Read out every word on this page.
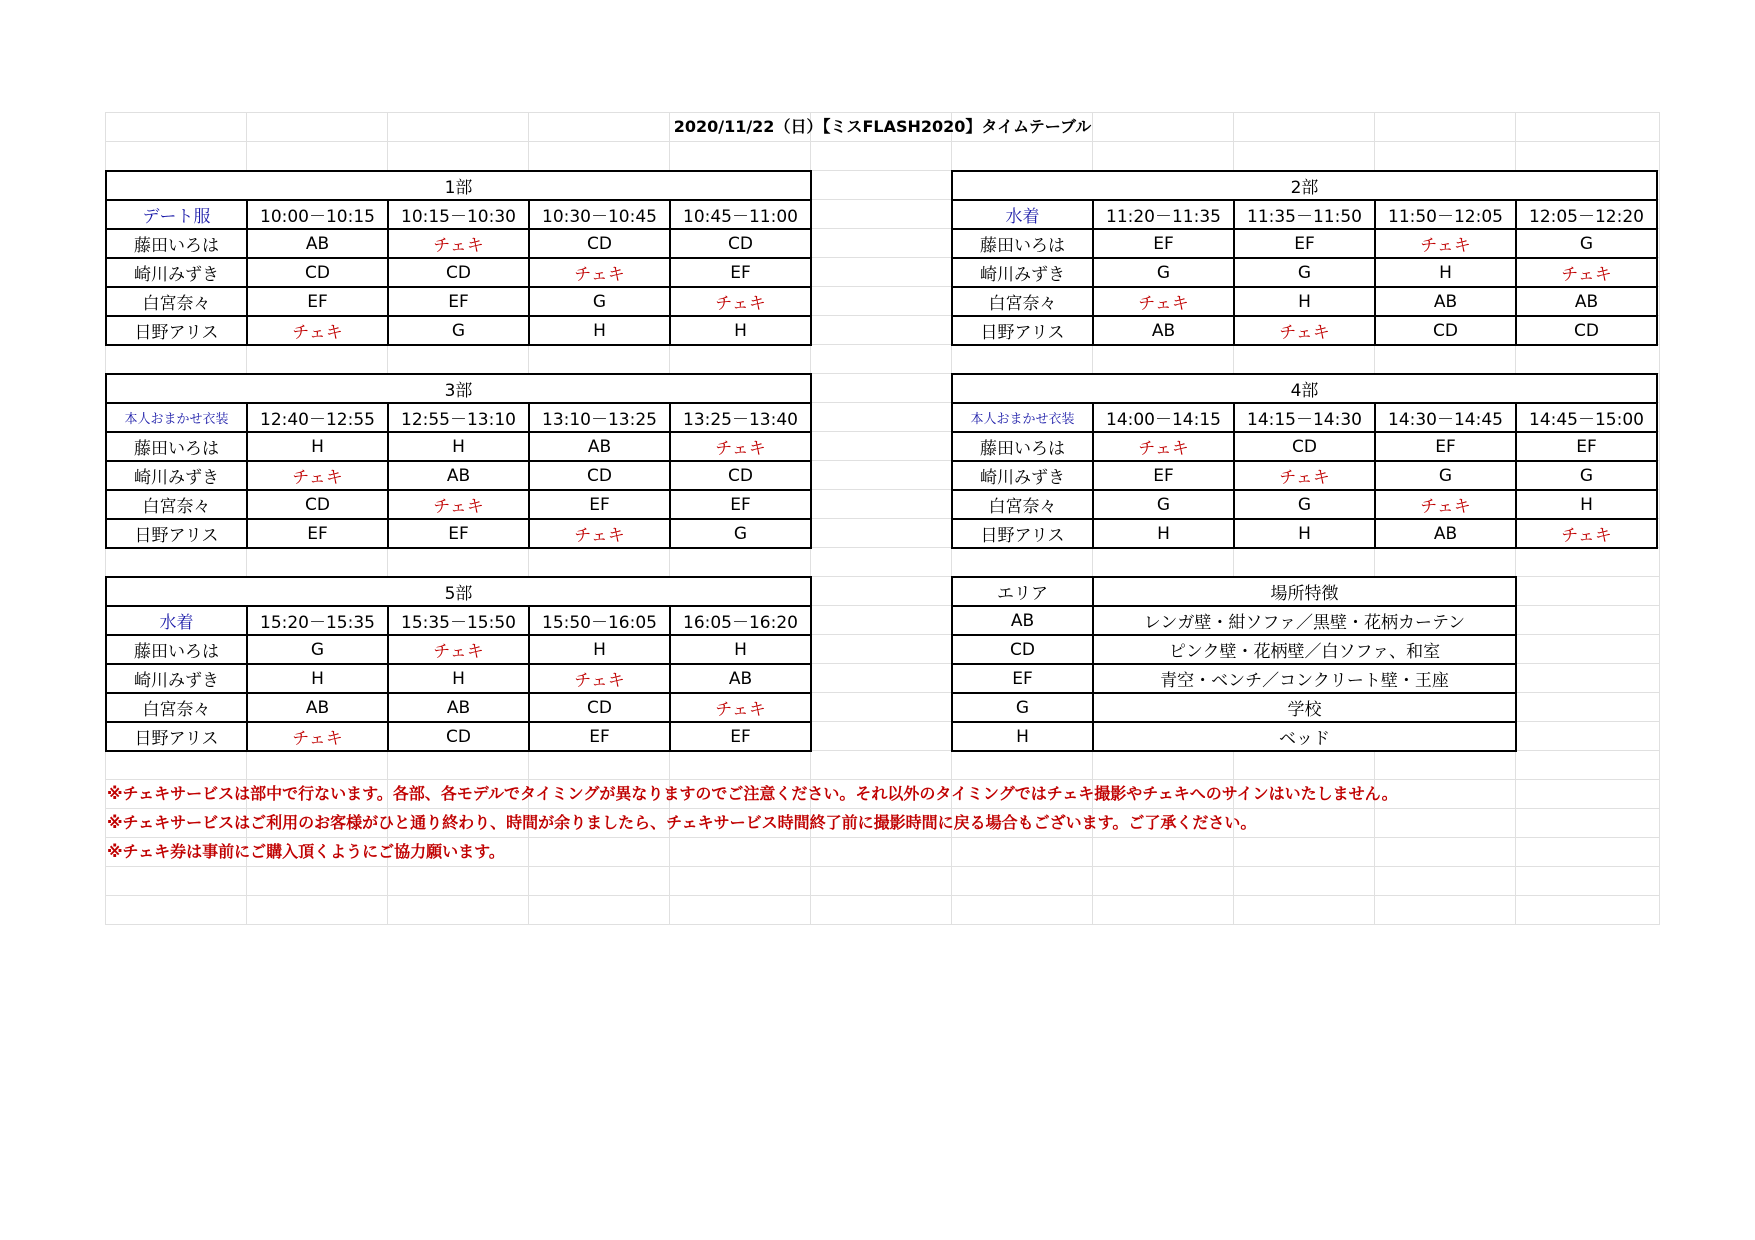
2020/11/22（日）【ミスFLASH2020】タイムテーブル
1部				
デート服	10:00－10:15	10:15－10:30	10:30－10:45	10:45－11:00
藤田いろは	AB	チェキ	CD	CD
崎川みずき	CD	CD	チェキ	EF
白宮奈々	EF	EF	G	チェキ
日野アリス	チェキ	G	H	H
2部				
水着	11:20－11:35	11:35－11:50	11:50－12:05	12:05－12:20
藤田いろは	EF	EF	チェキ	G
崎川みずき	G	G	H	チェキ
白宮奈々	チェキ	H	AB	AB
日野アリス	AB	チェキ	CD	CD
3部				
本人おまかせ衣装	12:40－12:55	12:55－13:10	13:10－13:25	13:25－13:40
藤田いろは	H	H	AB	チェキ
崎川みずき	チェキ	AB	CD	CD
白宮奈々	CD	チェキ	EF	EF
日野アリス	EF	EF	チェキ	G
4部				
本人おまかせ衣装	14:00－14:15	14:15－14:30	14:30－14:45	14:45－15:00
藤田いろは	チェキ	CD	EF	EF
崎川みずき	EF	チェキ	G	G
白宮奈々	G	G	チェキ	H
日野アリス	H	H	AB	チェキ
5部				
水着	15:20－15:35	15:35－15:50	15:50－16:05	16:05－16:20
藤田いろは	G	チェキ	H	H
崎川みずき	H	H	チェキ	AB
白宮奈々	AB	AB	CD	チェキ
日野アリス	チェキ	CD	EF	EF
エリア	場所特徴
AB	レンガ壁・紺ソファ／黒壁・花柄カーテン
CD	ピンク壁・花柄壁／白ソファ、和室
EF	青空・ベンチ／コンクリート壁・王座
G	学校
H	ベッド
※チェキサービスは部中で行ないます。各部、各モデルでタイミングが異なりますのでご注意ください。それ以外のタイミングではチェキ撮影やチェキへのサインはいたしません。
※チェキサービスはご利用のお客様がひと通り終わり、時間が余りましたら、チェキサービス時間終了前に撮影時間に戻る場合もございます。ご了承ください。
※チェキ券は事前にご購入頂くようにご協力願います。
